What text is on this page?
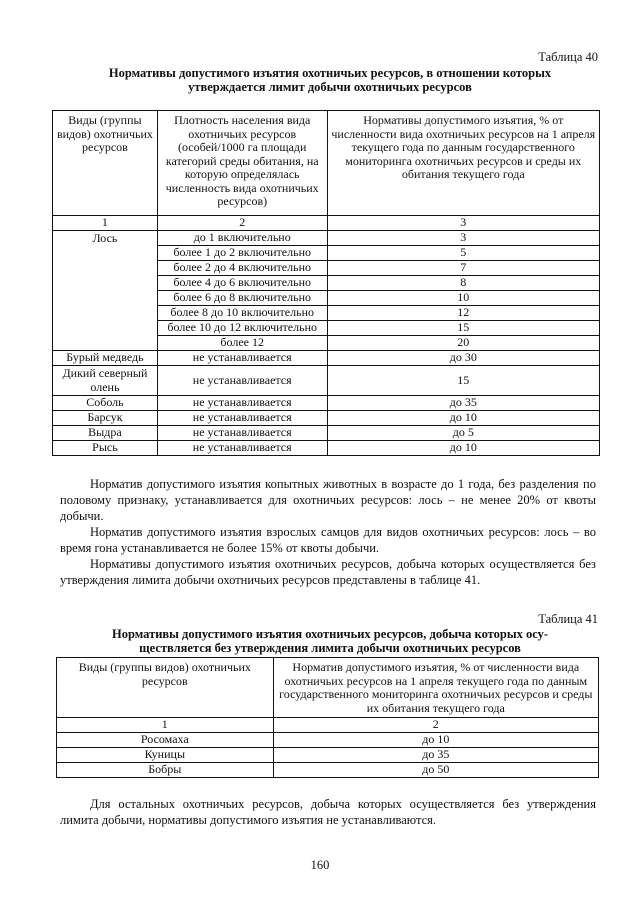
Таблица 40
Нормативы допустимого изъятия охотничьих ресурсов, в отношении которых
утверждается лимит добычи охотничьих ресурсов
Виды (группы видов) охотничьих ресурсов	Плотность населения вида охотничьих ресурсов (особей/1000 га площади категорий среды обитания, на которую определялась численность вида охотничьих ресурсов)	Нормативы допустимого изъятия, % от численности вида охотничьих ресурсов на 1 апреля текущего года по данным государственного мониторинга охотничьих ресурсов и среды их обитания текущего года
1	2	3
Лось	до 1 включительно	3
	более 1 до 2 включительно	5
	более 2 до 4 включительно	7
	более 4 до 6 включительно	8
	более 6 до 8 включительно	10
	более 8 до 10 включительно	12
	более 10 до 12 включительно	15
	более 12	20
Бурый медведь	не устанавливается	до 30
Дикий северный олень	не устанавливается	15
Соболь	не устанавливается	до 35
Барсук	не устанавливается	до 10
Выдра	не устанавливается	до 5
Рысь	не устанавливается	до 10

Норматив допустимого изъятия копытных животных в возрасте до 1 года, без разделения по половому признаку, устанавливается для охотничьих ресурсов: лось – не менее 20% от квоты добычи.

Норматив допустимого изъятия взрослых самцов для видов охотничьих ресурсов: лось – во время гона устанавливается не более 15% от квоты добычи.

Нормативы допустимого изъятия охотничьих ресурсов, добыча которых осуществляется без утверждения лимита добычи охотничьих ресурсов представлены в таблице 41.

Таблица 41
Нормативы допустимого изъятия охотничьих ресурсов, добыча которых осу-
ществляется без утверждения лимита добычи охотничьих ресурсов
Виды (группы видов) охотничьих ресурсов	Норматив допустимого изъятия, % от численности вида охотничьих ресурсов на 1 апреля текущего года по данным государственного мониторинга охотничьих ресурсов и среды их обитания текущего года
1	2
Росомаха	до 10
Куницы	до 35
Бобры	до 50

Для остальных охотничьих ресурсов, добыча которых осуществляется без утверждения лимита добычи, нормативы допустимого изъятия не устанавливаются.

160
